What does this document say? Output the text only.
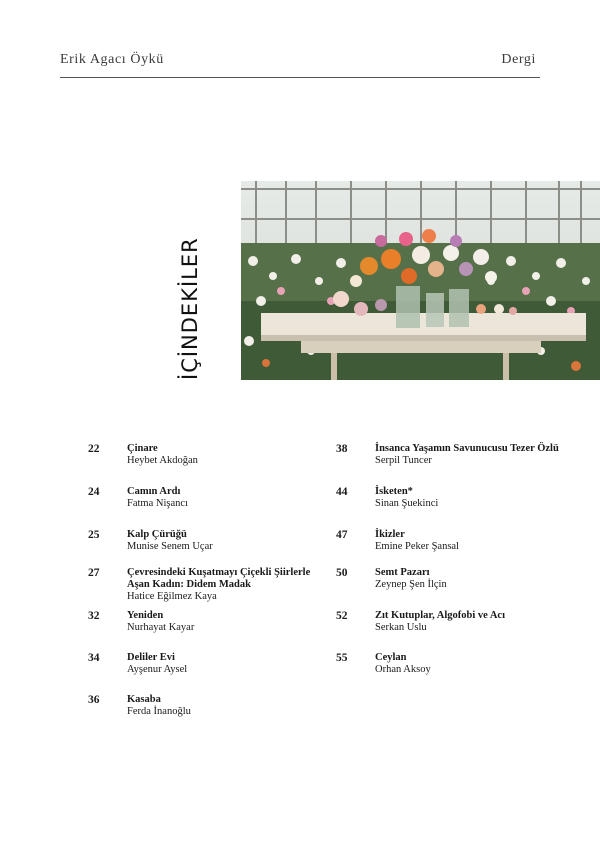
Erik Agacı Öykü	Dergi
İÇİNDEKİLER
22	Çinare
Heybet Akdoğan
24	Camın Ardı
Fatma Nişancı
25	Kalp Çürüğü
Munise Senem Uçar
27	Çevresindeki Kuşatmayı Çiçekli Şiirlerle Aşan Kadın: Didem Madak
Hatice Eğilmez Kaya
32	Yeniden
Nurhayat Kayar
34	Deliler Evi
Ayşenur Aysel
36	Kasaba
Ferda İnanoğlu
38	İnsanca Yaşamın Savunucusu Tezer Özlü
Serpil Tuncer
44	İsketen*
Sinan Şuekinci
47	İkizler
Emine Peker Şansal
50	Semt Pazarı
Zeynep Şen İlçin
52	Zıt Kutuplar, Algofobi ve Acı
Serkan Uslu
55	Ceylan
Orhan Aksoy
